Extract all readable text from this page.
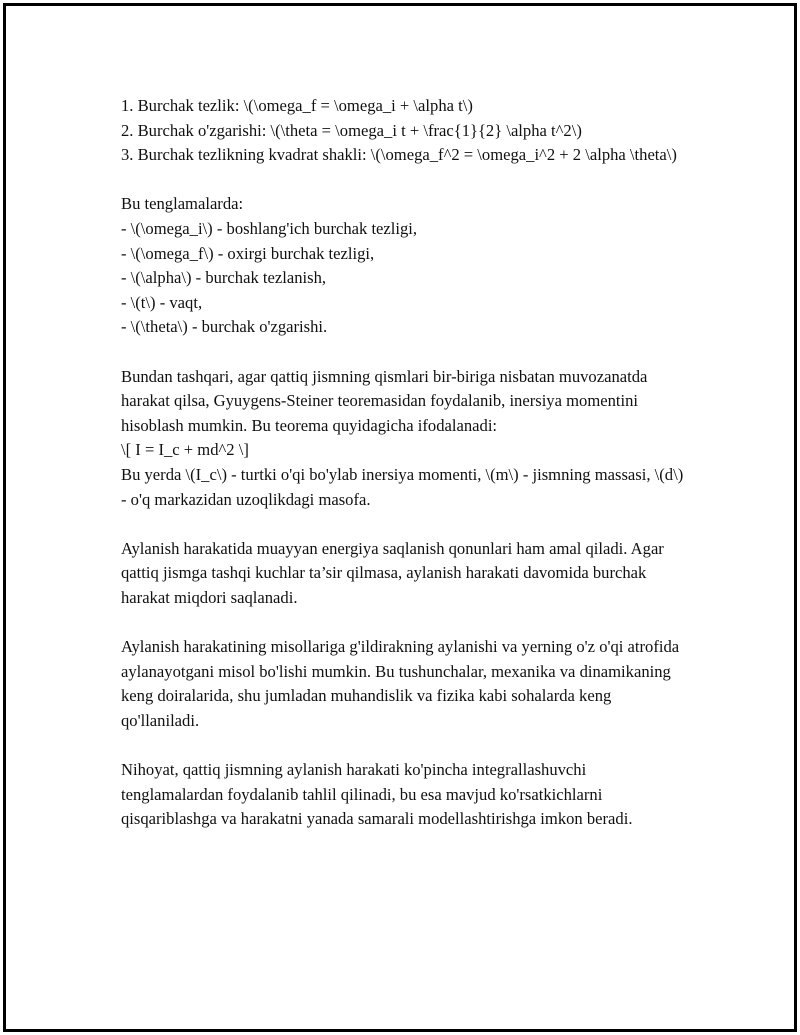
1. Burchak tezlik: \(\omega_f = \omega_i + \alpha t\)
2. Burchak o'zgarishi: \(\theta = \omega_i t + \frac{1}{2} \alpha t^2\)
3. Burchak tezlikning kvadrat shakli: \(\omega_f^2 = \omega_i^2 + 2 \alpha \theta\)

Bu tenglamalarda:
- \(\omega_i\) - boshlang'ich burchak tezligi,
- \(\omega_f\) - oxirgi burchak tezligi,
- \(\alpha\) - burchak tezlanish,
- \(t\) - vaqt,
- \(\theta\) - burchak o'zgarishi.

Bundan tashqari, agar qattiq jismning qismlari bir-biriga nisbatan muvozanatda harakat qilsa, Gyuygens-Steiner teoremasidan foydalanib, inersiya momentini hisoblash mumkin. Bu teorema quyidagicha ifodalanadi:
\[ I = I_c + md^2 \]
Bu yerda \(I_c\) - turtki o'qi bo'ylab inersiya momenti, \(m\) - jismning massasi, \(d\) - o'q markazidan uzoqlikdagi masofa.

Aylanish harakatida muayyan energiya saqlanish qonunlari ham amal qiladi. Agar qattiq jismga tashqi kuchlar ta’sir qilmasa, aylanish harakati davomida burchak harakat miqdori saqlanadi.

Aylanish harakatining misollariga g'ildirakning aylanishi va yerning o'z o'qi atrofida aylanayotgani misol bo'lishi mumkin. Bu tushunchalar, mexanika va dinamikaning keng doiralarida, shu jumladan muhandislik va fizika kabi sohalarda keng qo'llaniladi.

Nihoyat, qattiq jismning aylanish harakati ko'pincha integrallashuvchi tenglamalardan foydalanib tahlil qilinadi, bu esa mavjud ko'rsatkichlarni qisqariblashga va harakatni yanada samarali modellashtirishga imkon beradi.
